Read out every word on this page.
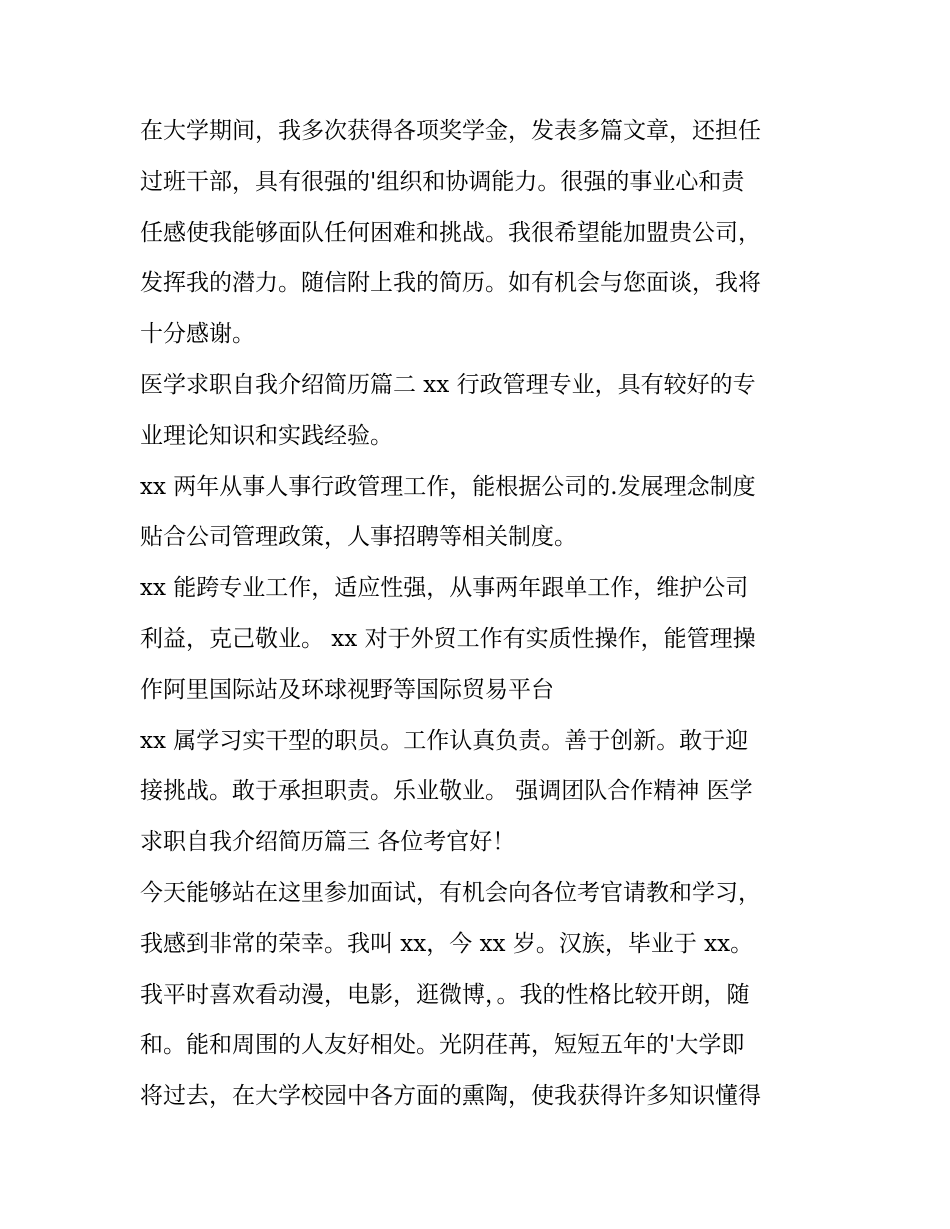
在大学期间，我多次获得各项奖学金，发表多篇文章，还担任
过班干部，具有很强的'组织和协调能力。很强的事业心和责
任感使我能够面队任何困难和挑战。我很希望能加盟贵公司，
发挥我的潜力。随信附上我的简历。如有机会与您面谈，我将
十分感谢。
医学求职自我介绍简历篇二 xx 行政管理专业，具有较好的专
业理论知识和实践经验。
xx 两年从事人事行政管理工作，能根据公司的.发展理念制度
贴合公司管理政策，人事招聘等相关制度。
xx 能跨专业工作，适应性强，从事两年跟单工作，维护公司
利益，克己敬业。 xx 对于外贸工作有实质性操作，能管理操
作阿里国际站及环球视野等国际贸易平台
xx 属学习实干型的职员。工作认真负责。善于创新。敢于迎
接挑战。敢于承担职责。乐业敬业。 强调团队合作精神 医学
求职自我介绍简历篇三 各位考官好！
今天能够站在这里参加面试，有机会向各位考官请教和学习，
我感到非常的荣幸。我叫 xx，今 xx 岁。汉族，毕业于 xx。
我平时喜欢看动漫，电影，逛微博，。我的性格比较开朗，随
和。能和周围的人友好相处。光阴荏苒，短短五年的'大学即
将过去，在大学校园中各方面的熏陶，使我获得许多知识懂得
